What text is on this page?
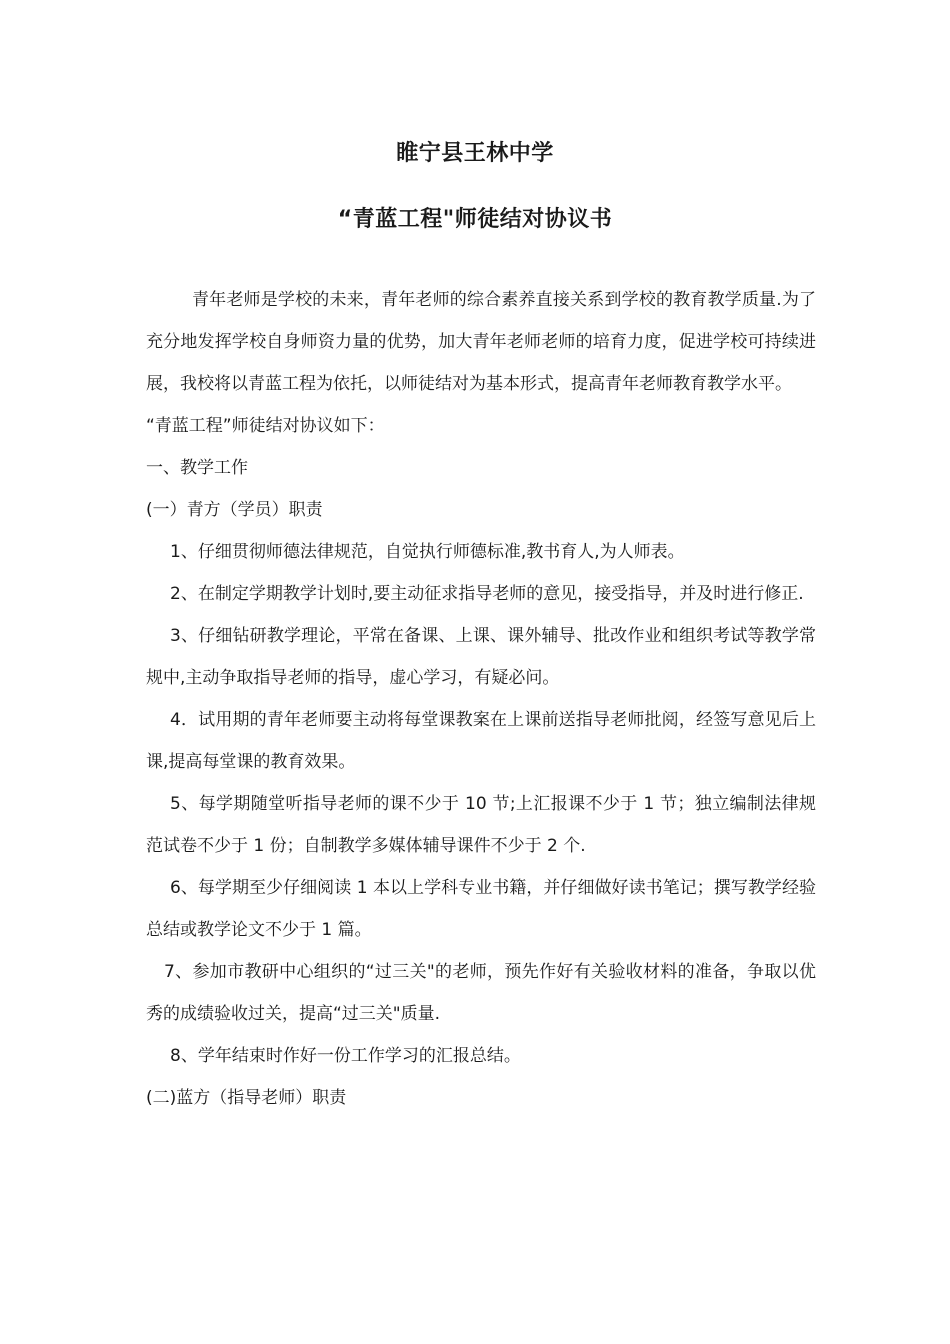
睢宁县王林中学
“青蓝工程"师徒结对协议书

青年老师是学校的未来，青年老师的综合素养直接关系到学校的教育教学质量.为了充分地发挥学校自身师资力量的优势，加大青年老师老师的培育力度，促进学校可持续进展，我校将以青蓝工程为依托，以师徒结对为基本形式，提高青年老师教育教学水平。

“青蓝工程”师徒结对协议如下：

一、教学工作

(一）青方（学员）职责

1、仔细贯彻师德法律规范，自觉执行师德标准,教书育人,为人师表。

2、在制定学期教学计划时,要主动征求指导老师的意见，接受指导，并及时进行修正.

3、仔细钻研教学理论，平常在备课、上课、课外辅导、批改作业和组织考试等教学常规中,主动争取指导老师的指导，虚心学习，有疑必问。

4．试用期的青年老师要主动将每堂课教案在上课前送指导老师批阅，经签写意见后上课,提高每堂课的教育效果。

5、每学期随堂听指导老师的课不少于 10 节;上汇报课不少于 1 节；独立编制法律规范试卷不少于 1 份；自制教学多媒体辅导课件不少于 2 个.

6、每学期至少仔细阅读 1 本以上学科专业书籍，并仔细做好读书笔记；撰写教学经验总结或教学论文不少于 1 篇。

7、参加市教研中心组织的“过三关"的老师，预先作好有关验收材料的准备，争取以优秀的成绩验收过关，提高“过三关"质量.

8、学年结束时作好一份工作学习的汇报总结。

(二)蓝方（指导老师）职责
